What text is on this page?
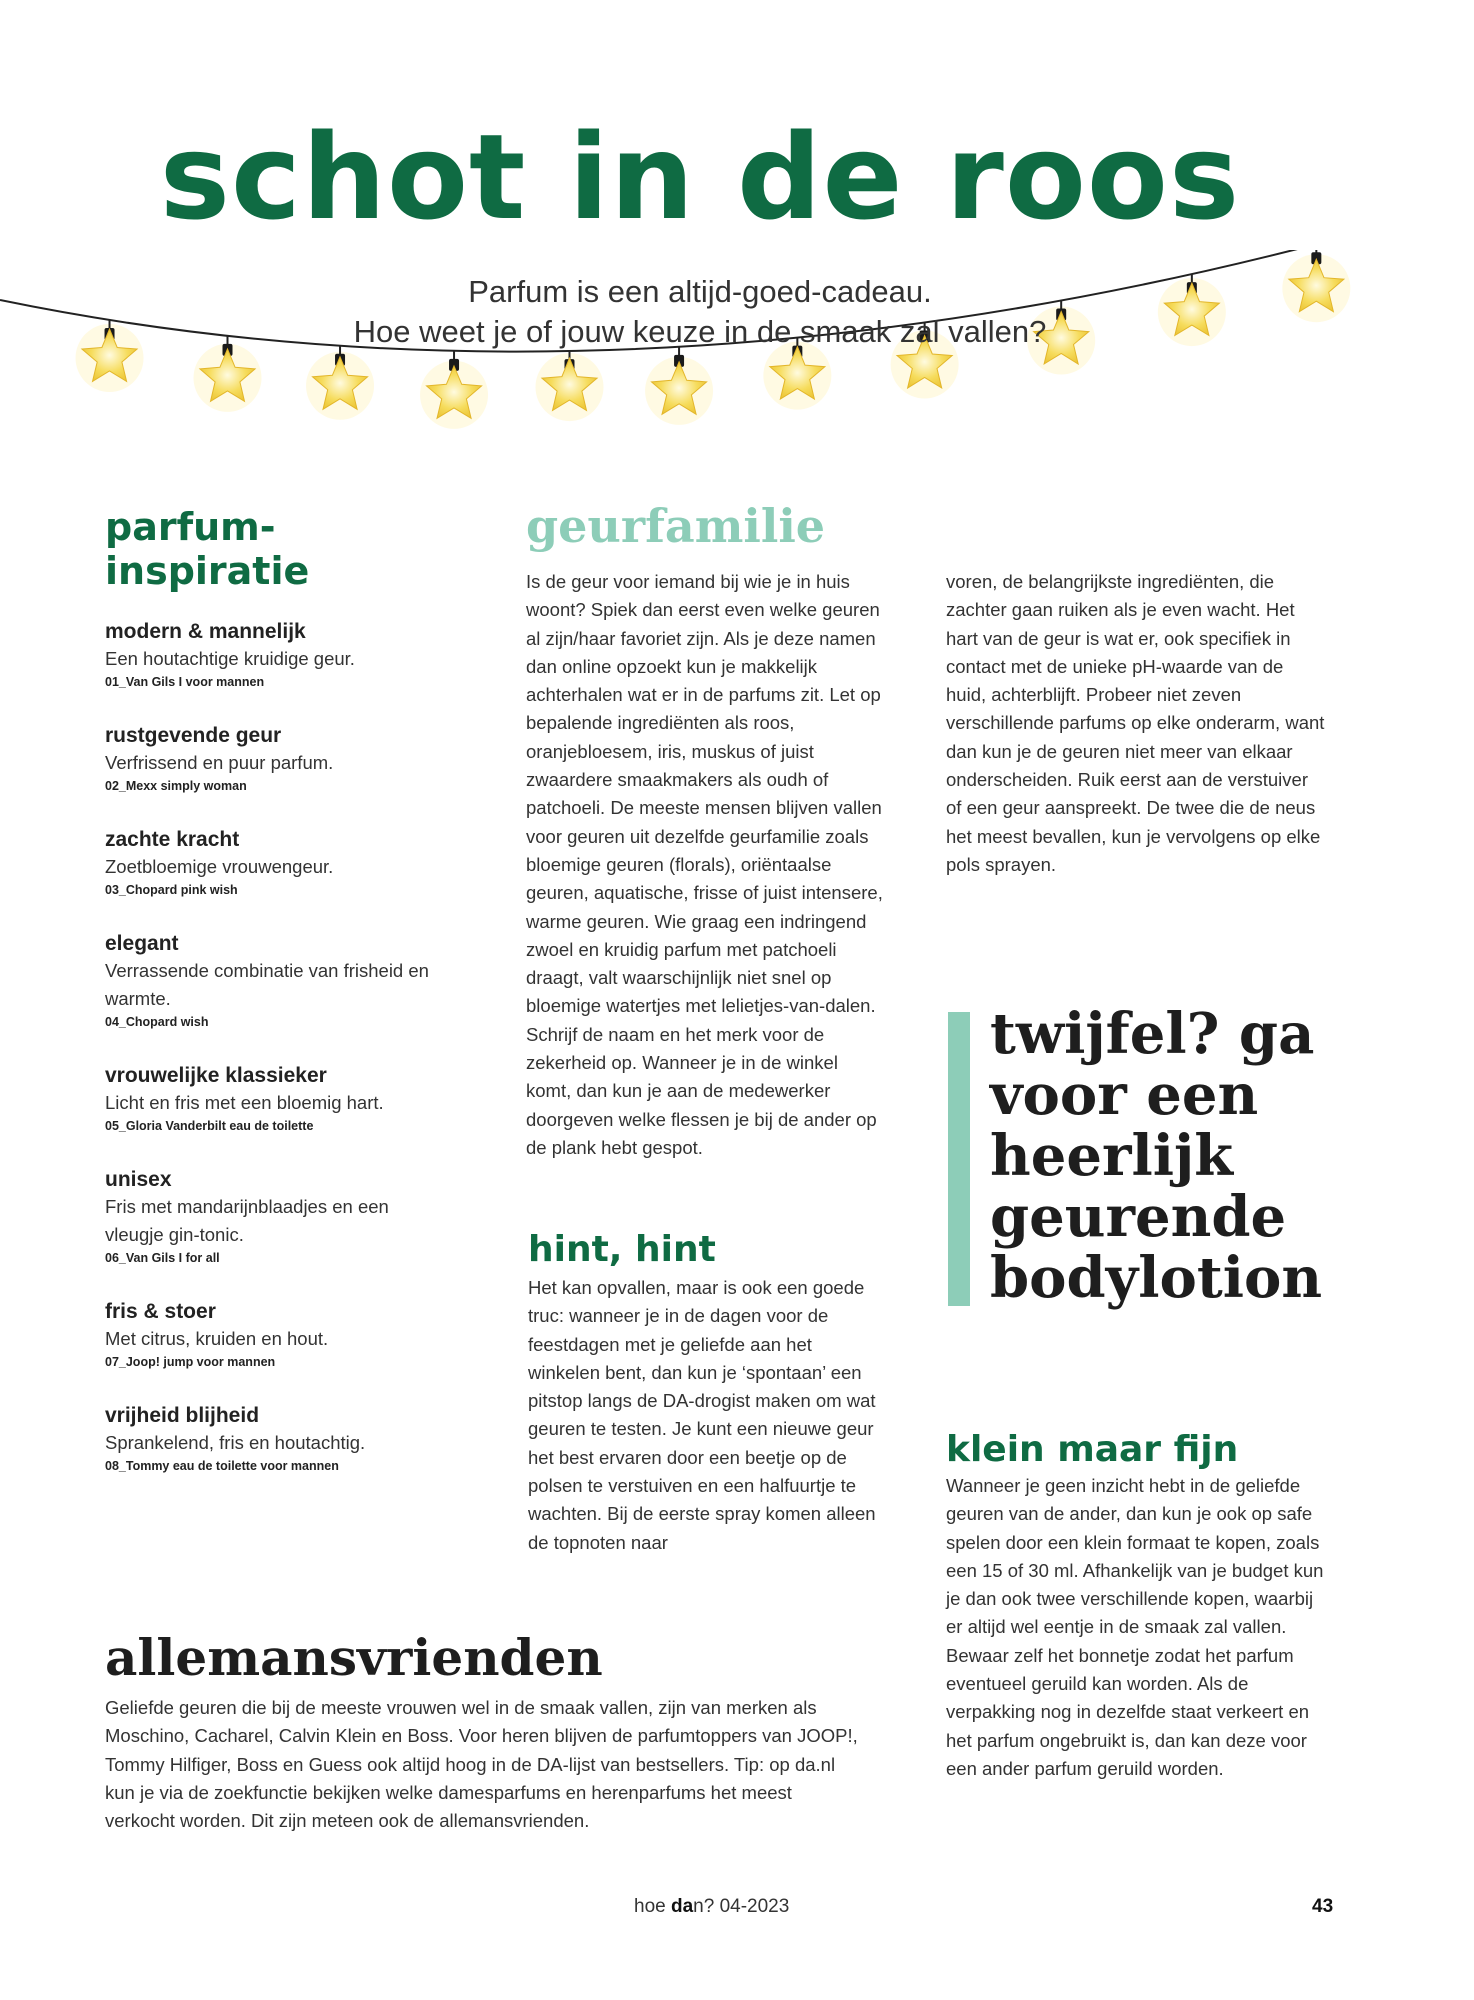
schot in de roos
Parfum is een altijd-goed-cadeau.
Hoe weet je of jouw keuze in de smaak zal vallen?
parfum-
inspiratie
modern & mannelijk
Een houtachtige kruidige geur.
01_Van Gils I voor mannen
rustgevende geur
Verfrissend en puur parfum.
02_Mexx simply woman
zachte kracht
Zoetbloemige vrouwengeur.
03_Chopard pink wish
elegant
Verrassende combinatie van frisheid en warmte.
04_Chopard wish
vrouwelijke klassieker
Licht en fris met een bloemig hart.
05_Gloria Vanderbilt eau de toilette
unisex
Fris met mandarijnblaadjes en een vleugje gin-tonic.
06_Van Gils I for all
fris & stoer
Met citrus, kruiden en hout.
07_Joop! jump voor mannen
vrijheid blijheid
Sprankelend, fris en houtachtig.
08_Tommy eau de toilette voor mannen
geurfamilie
Is de geur voor iemand bij wie je in huis woont? Spiek dan eerst even welke geuren al zijn/haar favoriet zijn. Als je deze namen dan online opzoekt kun je makkelijk achterhalen wat er in de parfums zit. Let op bepalende ingrediënten als roos, oranjebloesem, iris, muskus of juist zwaardere smaakmakers als oudh of patchoeli. De meeste mensen blijven vallen voor geuren uit dezelfde geurfamilie zoals bloemige geuren (florals), oriëntaalse geuren, aquatische, frisse of juist intensere, warme geuren. Wie graag een indringend zwoel en kruidig parfum met patchoeli draagt, valt waarschijnlijk niet snel op bloemige watertjes met lelietjes-van-dalen. Schrijf de naam en het merk voor de zekerheid op. Wanneer je in de winkel komt, dan kun je aan de medewerker doorgeven welke flessen je bij de ander op de plank hebt gespot.
hint, hint
Het kan opvallen, maar is ook een goede truc: wanneer je in de dagen voor de feestdagen met je geliefde aan het winkelen bent, dan kun je ‘spontaan’ een pitstop langs de DA-drogist maken om wat geuren te testen. Je kunt een nieuwe geur het best ervaren door een beetje op de polsen te verstuiven en een halfuurtje te wachten. Bij de eerste spray komen alleen de topnoten naar
voren, de belangrijkste ingrediënten, die zachter gaan ruiken als je even wacht. Het hart van de geur is wat er, ook specifiek in contact met de unieke pH-waarde van de huid, achterblijft. Probeer niet zeven verschillende parfums op elke onderarm, want dan kun je de geuren niet meer van elkaar onderscheiden. Ruik eerst aan de verstuiver of een geur aanspreekt. De twee die de neus het meest bevallen, kun je vervolgens op elke pols sprayen.
twijfel? ga
voor een
heerlijk
geurende
bodylotion
klein maar fijn
Wanneer je geen inzicht hebt in de geliefde geuren van de ander, dan kun je ook op safe spelen door een klein formaat te kopen, zoals een 15 of 30 ml. Afhankelijk van je budget kun je dan ook twee verschillende kopen, waarbij er altijd wel eentje in de smaak zal vallen. Bewaar zelf het bonnetje zodat het parfum eventueel geruild kan worden. Als de verpakking nog in dezelfde staat verkeert en het parfum ongebruikt is, dan kan deze voor een ander parfum geruild worden.
allemansvrienden
Geliefde geuren die bij de meeste vrouwen wel in de smaak vallen, zijn van merken als Moschino, Cacharel, Calvin Klein en Boss. Voor heren blijven de parfumtoppers van JOOP!, Tommy Hilfiger, Boss en Guess ook altijd hoog in de DA-lijst van bestsellers. Tip: op da.nl kun je via de zoekfunctie bekijken welke damesparfums en herenparfums het meest verkocht worden. Dit zijn meteen ook de allemansvrienden.
hoe dan? 04-2023	43
